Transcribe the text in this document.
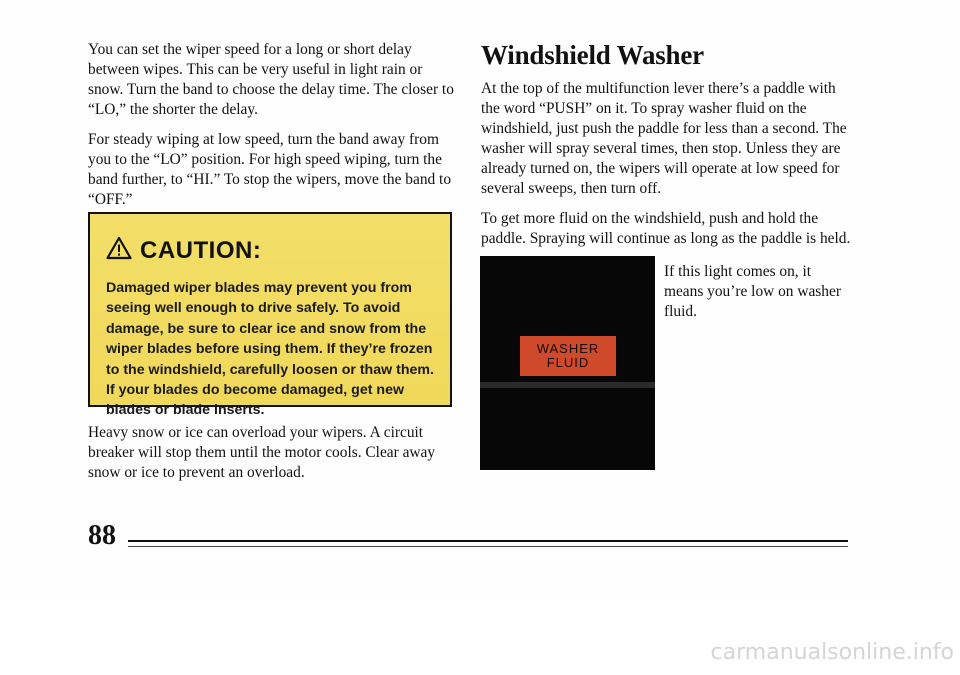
You can set the wiper speed for a long or short delay between wipes. This can be very useful in light rain or snow. Turn the band to choose the delay time. The closer to “LO,” the shorter the delay.

For steady wiping at low speed, turn the band away from you to the “LO” position. For high speed wiping, turn the band further, to “HI.” To stop the wipers, move the band to “OFF.”

CAUTION:
Damaged wiper blades may prevent you from seeing well enough to drive safely. To avoid damage, be sure to clear ice and snow from the wiper blades before using them. If they’re frozen to the windshield, carefully loosen or thaw them. If your blades do become damaged, get new blades or blade inserts.

Heavy snow or ice can overload your wipers. A circuit breaker will stop them until the motor cools. Clear away snow or ice to prevent an overload.

Windshield Washer

At the top of the multifunction lever there’s a paddle with the word “PUSH” on it. To spray washer fluid on the windshield, just push the paddle for less than a second. The washer will spray several times, then stop. Unless they are already turned on, the wipers will operate at low speed for several sweeps, then turn off.

To get more fluid on the windshield, push and hold the paddle. Spraying will continue as long as the paddle is held.

WASHER
FLUID

If this light comes on, it means you’re low on washer fluid.

88
carmanualsonline.info
